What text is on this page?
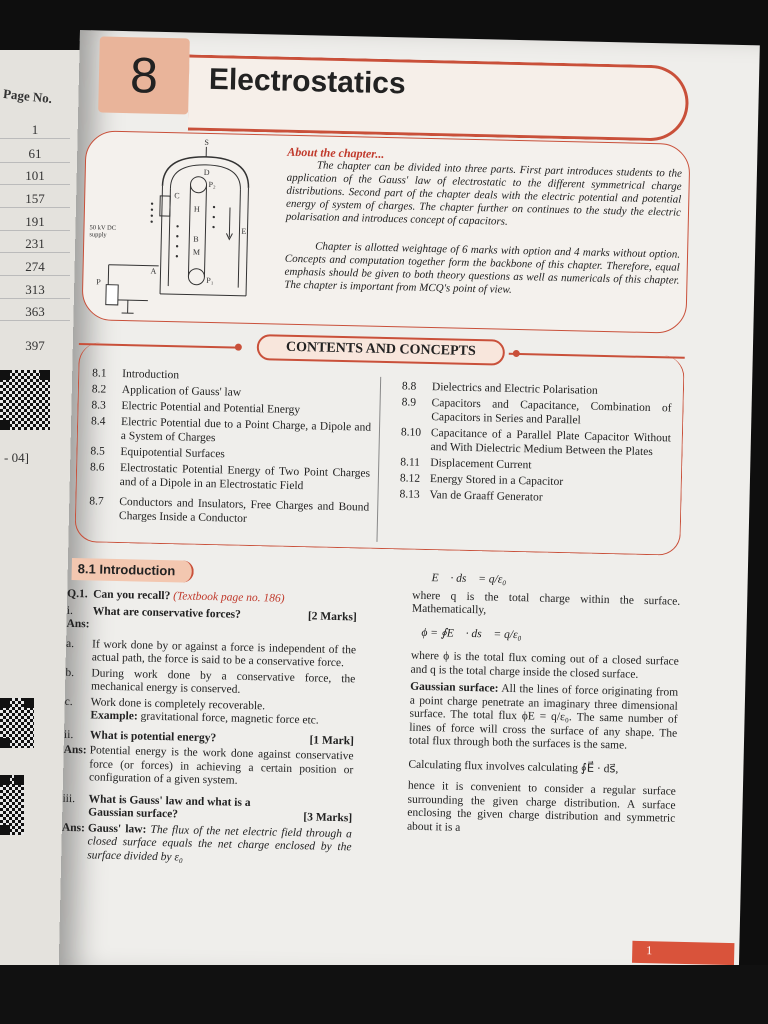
Page No.
1
61
101
157
191
231
274
313
363
397
- 04]
8	Electrostatics
About the chapter...
The chapter can be divided into three parts. First part introduces students to the application of the Gauss' law of electrostatic to the different symmetrical charge distributions. Second part of the chapter deals with the electric potential and potential energy of system of charges. The chapter further on continues to the study the electric polarisation and introduces concept of capacitors.
Chapter is allotted weightage of 6 marks with option and 4 marks without option. Concepts and computation together form the backbone of this chapter. Therefore, equal emphasis should be given to both theory questions as well as numericals of this chapter. The chapter is important from MCQ's point of view.
S
D
C
P₂
H
B
E
M
A
P₁
P
50 kV DC supply
CONTENTS AND CONCEPTS
8.1	Introduction
8.2	Application of Gauss' law
8.3	Electric Potential and Potential Energy
8.4	Electric Potential due to a Point Charge, a Dipole and a System of Charges
8.5	Equipotential Surfaces
8.6	Electrostatic Potential Energy of Two Point Charges and of a Dipole in an Electrostatic Field
8.7	Conductors and Insulators, Free Charges and Bound Charges Inside a Conductor
8.8	Dielectrics and Electric Polarisation
8.9	Capacitors and Capacitance, Combination of Capacitors in Series and Parallel
8.10 Capacitance of a Parallel Plate Capacitor Without and With Dielectric Medium Between the Plates
8.11 Displacement Current
8.12 Energy Stored in a Capacitor
8.13 Van de Graaff Generator
8.1 Introduction
Q.1. Can you recall? (Textbook page no. 186)
i.	What are conservative forces?	[2 Marks]
Ans:
a.	If work done by or against a force is independent of the actual path, the force is said to be a conservative force.
b.	During work done by a conservative force, the mechanical energy is conserved.
c.	Work done is completely recoverable.
Example: gravitational force, magnetic force etc.
ii.	What is potential energy?	[1 Mark]
Ans: Potential energy is the work done against conservative force (or forces) in achieving a certain position or configuration of a given system.
iii.	What is Gauss' law and what is a Gaussian surface?	[3 Marks]
Ans: Gauss' law: The flux of the net electric field through a closed surface equals the net charge enclosed by the surface divided by ε₀
∮E⃗ · ds⃗ = q/ε₀
where q is the total charge within the surface. Mathematically,
ϕ = ∮E⃗ · ds⃗ = q/ε₀
where ϕ is the total flux coming out of a closed surface and q is the total charge inside the closed surface.
Gaussian surface: All the lines of force originating from a point charge penetrate an imaginary three dimensional surface. The total flux ϕE = q/ε₀. The same number of lines of force will cross the surface of any shape. The total flux through both the surfaces is the same.
Calculating flux involves calculating ∮E⃗ · ds⃗,
hence it is convenient to consider a regular surface surrounding the given charge distribution. A surface enclosing the given charge distribution and symmetric about it is a
1
